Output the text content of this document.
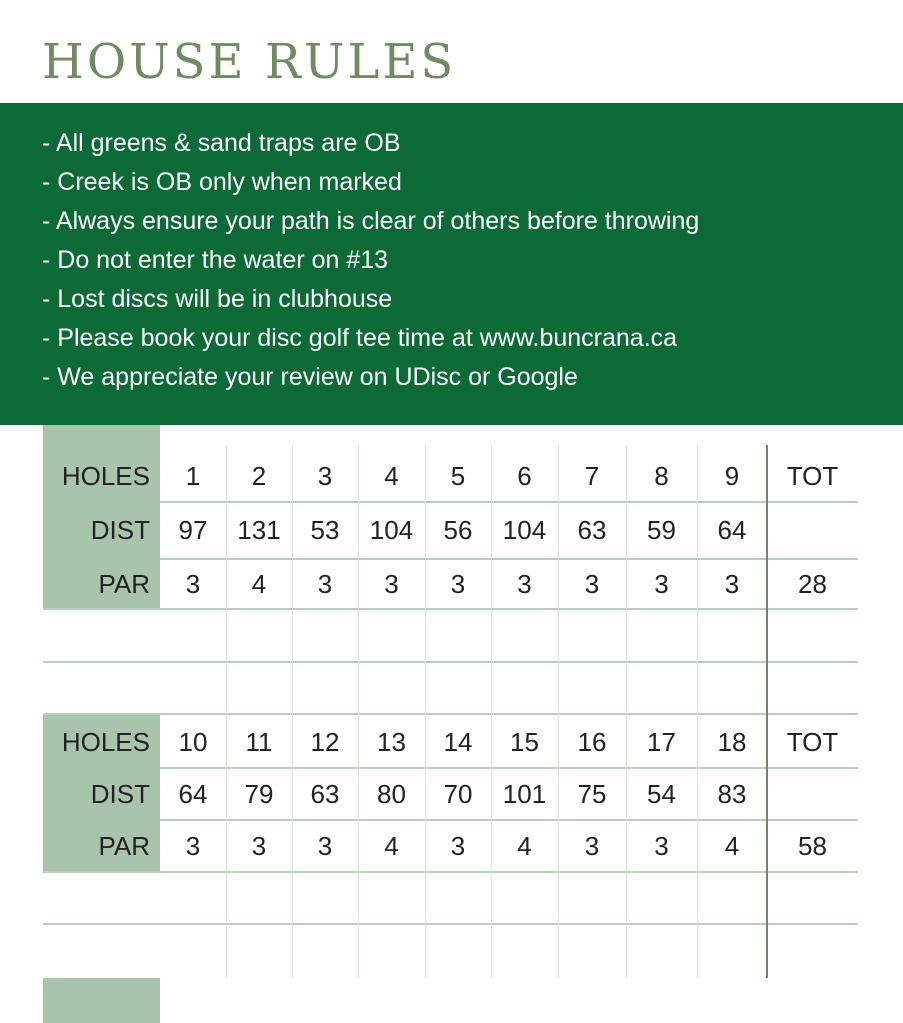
HOUSE RULES
- All greens & sand traps are OB
- Creek is OB only when marked
- Always ensure your path is clear of others before throwing
- Do not enter the water on #13
- Lost discs will be in clubhouse
- Please book your disc golf tee time at www.buncrana.ca
- We appreciate your review on UDisc or Google
HOLES	1	2	3	4	5	6	7	8	9	TOT
DIST	97	131	53	104	56	104	63	59	64
PAR	3	4	3	3	3	3	3	3	3	28
HOLES	10	11	12	13	14	15	16	17	18	TOT
DIST	64	79	63	80	70	101	75	54	83
PAR	3	3	3	4	3	4	3	3	4	58
